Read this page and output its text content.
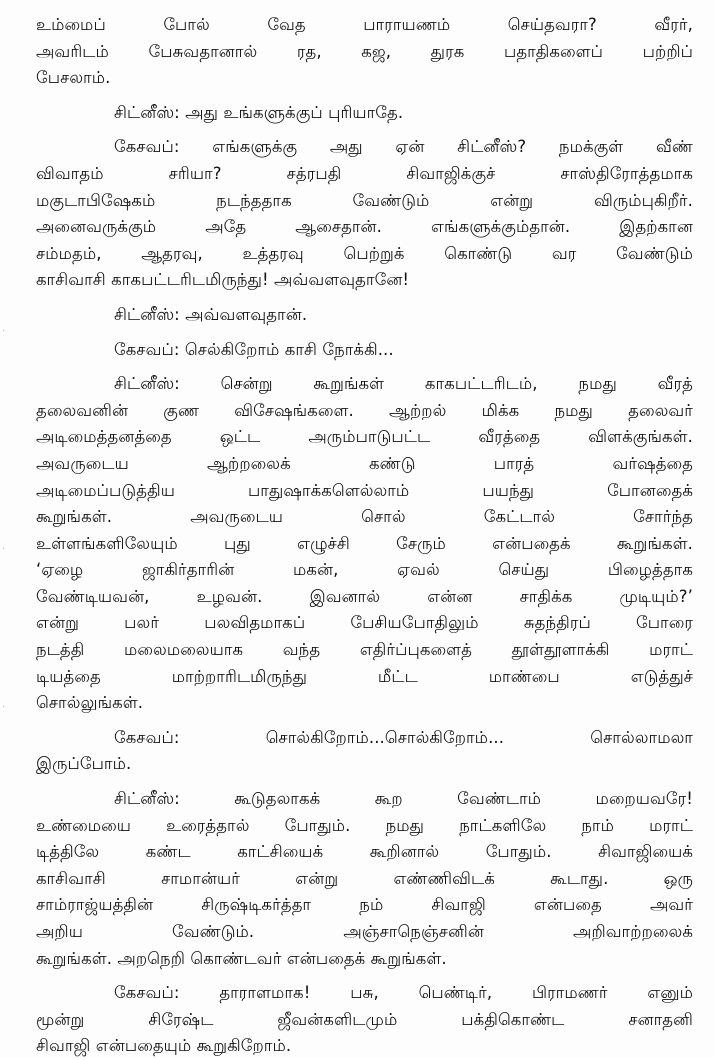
·
·
·
உம்மைப் போல் வேத பாராயணம் செய்தவரா? வீரர்,
அவரிடம் பேசுவதானால் ரத, கஜ, துரக பதாதிகளைப் பற்றிப்
பேசலாம்.
சிட்னீஸ்: அது உங்களுக்குப் புரியாதே.
கேசவப்: எங்களுக்கு அது ஏன் சிட்னீஸ்? நமக்குள் வீண்
விவாதம் சரியா? சத்ரபதி சிவாஜிக்குச் சாஸ்திரோத்தமாக
மகுடாபிஷேகம் நடந்ததாக வேண்டும் என்று விரும்புகிறீர்.
அனைவருக்கும் அதே ஆசைதான். எங்களுக்கும்தான். இதற்கான
சம்மதம், ஆதரவு, உத்தரவு பெற்றுக் கொண்டு வர வேண்டும்
காசிவாசி காகபட்டரிடமிருந்து! அவ்வளவுதானே!
சிட்னீஸ்: அவ்வளவுதான்.
கேசவப்: செல்கிறோம் காசி நோக்கி...
சிட்னீஸ்: சென்று கூறுங்கள் காகபட்டரிடம், நமது வீரத்
தலைவனின் குண விசேஷங்களை. ஆற்றல் மிக்க நமது தலைவர்
அடிமைத்தனத்தை ஒட்ட அரும்பாடுபட்ட வீரத்தை விளக்குங்கள்.
அவருடைய ஆற்றலைக் கண்டு பாரத் வர்ஷத்தை
அடிமைப்படுத்திய பாதுஷாக்களெல்லாம் பயந்து போனதைக்
கூறுங்கள். அவருடைய சொல் கேட்டால் சோர்ந்த
உள்ளங்களிலேயும் புது எழுச்சி சேரும் என்பதைக் கூறுங்கள்.
‘ஏழை ஜாகிர்தாரின் மகன், ஏவல் செய்து பிழைத்தாக
வேண்டியவன், உழவன். இவனால் என்ன சாதிக்க முடியும்?’
என்று பலர் பலவிதமாகப் பேசியபோதிலும் சுதந்திரப் போரை
நடத்தி மலைமலையாக வந்த எதிர்ப்புகளைத் தூள்தூளாக்கி மராட்
டியத்தை மாற்றாரிடமிருந்து மீட்ட மாண்பை எடுத்துச்
சொல்லுங்கள்.
கேசவப்: சொல்கிறோம்...சொல்கிறோம்... சொல்லாமலா
இருப்போம்.
சிட்னீஸ்: கூடுதலாகக் கூற வேண்டாம் மறையவரே!
உண்மையை உரைத்தால் போதும். நமது நாட்களிலே நாம் மராட்
டித்திலே கண்ட காட்சியைக் கூறினால் போதும். சிவாஜியைக்
காசிவாசி சாமான்யர் என்று எண்ணிவிடக் கூடாது. ஒரு
சாம்ராஜ்யத்தின் சிருஷ்டிகர்த்தா நம் சிவாஜி என்பதை அவர்
அறிய வேண்டும். அஞ்சாநெஞ்சனின் அறிவாற்றலைக்
கூறுங்கள். அறநெறி கொண்டவர் என்பதைக் கூறுங்கள்.
கேசவப்: தாராளமாக! பசு, பெண்டிர், பிராமணர் எனும்
மூன்று சிரேஷ்ட ஜீவன்களிடமும் பக்திகொண்ட சனாதனி
சிவாஜி என்பதையும் கூறுகிறோம்.
